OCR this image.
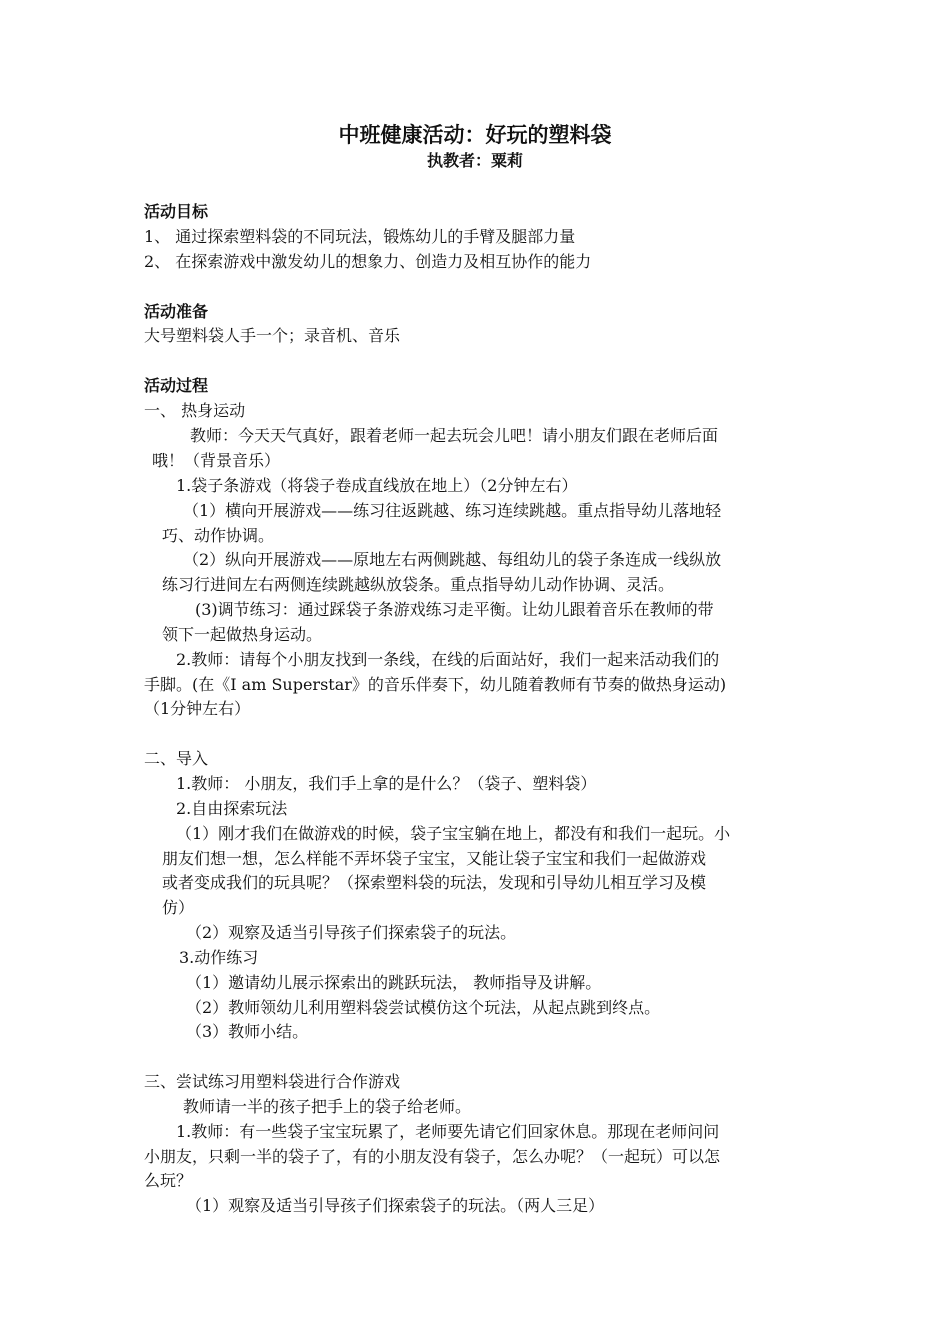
中班健康活动：好玩的塑料袋
执教者：粟莉
活动目标
1、 通过探索塑料袋的不同玩法，锻炼幼儿的手臂及腿部力量
2、 在探索游戏中激发幼儿的想象力、创造力及相互协作的能力
活动准备
大号塑料袋人手一个；录音机、音乐
活动过程
一、 热身运动
教师：今天天气真好，跟着老师一起去玩会儿吧！请小朋友们跟在老师后面
哦！（背景音乐）
1.袋子条游戏（将袋子卷成直线放在地上）（2分钟左右）
（1）横向开展游戏——练习往返跳越、练习连续跳越。重点指导幼儿落地轻
巧、动作协调。
（2）纵向开展游戏——原地左右两侧跳越、每组幼儿的袋子条连成一线纵放
练习行进间左右两侧连续跳越纵放袋条。重点指导幼儿动作协调、灵活。
(3)调节练习：通过踩袋子条游戏练习走平衡。让幼儿跟着音乐在教师的带
领下一起做热身运动。
2.教师：请每个小朋友找到一条线，在线的后面站好，我们一起来活动我们的
手脚。(在《I am Superstar》的音乐伴奏下，幼儿随着教师有节奏的做热身运动)
（1分钟左右）
二、导入
1.教师： 小朋友，我们手上拿的是什么？（袋子、塑料袋）
2.自由探索玩法
（1）刚才我们在做游戏的时候，袋子宝宝躺在地上，都没有和我们一起玩。小
朋友们想一想，怎么样能不弄坏袋子宝宝，又能让袋子宝宝和我们一起做游戏
或者变成我们的玩具呢？（探索塑料袋的玩法，发现和引导幼儿相互学习及模
仿）
（2）观察及适当引导孩子们探索袋子的玩法。
3.动作练习
（1）邀请幼儿展示探索出的跳跃玩法， 教师指导及讲解。
（2）教师领幼儿利用塑料袋尝试模仿这个玩法，从起点跳到终点。
（3）教师小结。
三、尝试练习用塑料袋进行合作游戏
教师请一半的孩子把手上的袋子给老师。
1.教师：有一些袋子宝宝玩累了，老师要先请它们回家休息。那现在老师问问
小朋友，只剩一半的袋子了，有的小朋友没有袋子，怎么办呢？（一起玩）可以怎
么玩？
（1）观察及适当引导孩子们探索袋子的玩法。（两人三足）
